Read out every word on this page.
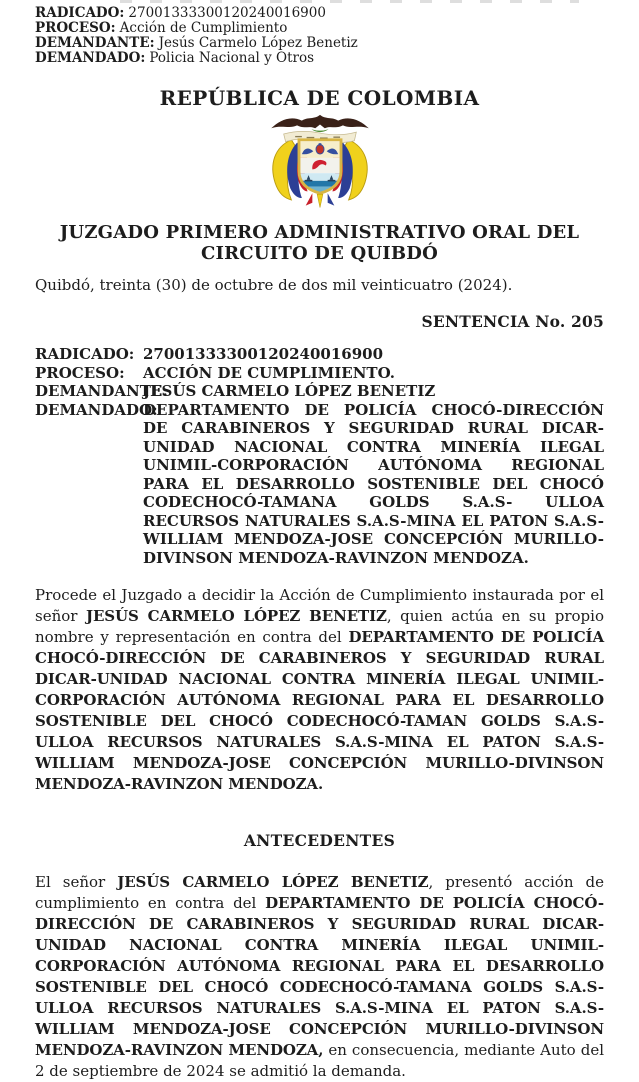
RADICADO: 27001333300120240016900
PROCESO: Acción de Cumplimiento
DEMANDANTE: Jesús Carmelo López Benetiz
DEMANDADO: Policia Nacional y Otros
REPÚBLICA DE COLOMBIA
JUZGADO PRIMERO ADMINISTRATIVO ORAL DEL
CIRCUITO DE QUIBDÓ
Quibdó, treinta (30) de octubre de dos mil veinticuatro (2024).
SENTENCIA No. 205
RADICADO: 27001333300120240016900
PROCESO:	ACCIÓN DE CUMPLIMIENTO.
DEMANDANTE:
JESÚS CARMELO LÓPEZ BENETIZ
DEMANDADO:
DEPARTAMENTO DE POLICÍA CHOCÓ-DIRECCIÓN DE CARABINEROS Y SEGURIDAD RURAL DICAR-UNIDAD NACIONAL CONTRA MINERÍA ILEGAL UNIMIL-CORPORACIÓN AUTÓNOMA REGIONAL PARA EL DESARROLLO SOSTENIBLE DEL CHOCÓ CODECHOCÓ-TAMANA GOLDS S.A.S- ULLOA RECURSOS NATURALES S.A.S-MINA EL PATON S.A.S-WILLIAM MENDOZA-JOSE CONCEPCIÓN MURILLO-DIVINSON MENDOZA-RAVINZON MENDOZA.

Procede el Juzgado a decidir la Acción de Cumplimiento instaurada por el señor JESÚS CARMELO LÓPEZ BENETIZ, quien actúa en su propio nombre y representación en contra del DEPARTAMENTO DE POLICÍA CHOCÓ-DIRECCIÓN DE CARABINEROS Y SEGURIDAD RURAL DICAR-UNIDAD NACIONAL CONTRA MINERÍA ILEGAL UNIMIL-CORPORACIÓN AUTÓNOMA REGIONAL PARA EL DESARROLLO SOSTENIBLE DEL CHOCÓ CODECHOCÓ-TAMAN GOLDS S.A.S- ULLOA RECURSOS NATURALES S.A.S-MINA EL PATON S.A.S-WILLIAM MENDOZA-JOSE CONCEPCIÓN MURILLO-DIVINSON MENDOZA-RAVINZON MENDOZA.

ANTECEDENTES

El señor JESÚS CARMELO LÓPEZ BENETIZ, presentó acción de cumplimiento en contra del DEPARTAMENTO DE POLICÍA CHOCÓ-DIRECCIÓN DE CARABINEROS Y SEGURIDAD RURAL DICAR-UNIDAD NACIONAL CONTRA MINERÍA ILEGAL UNIMIL-CORPORACIÓN AUTÓNOMA REGIONAL PARA EL DESARROLLO SOSTENIBLE DEL CHOCÓ CODECHOCÓ-TAMANA GOLDS S.A.S- ULLOA RECURSOS NATURALES S.A.S-MINA EL PATON S.A.S-WILLIAM MENDOZA-JOSE CONCEPCIÓN MURILLO-DIVINSON MENDOZA-RAVINZON MENDOZA, en consecuencia, mediante Auto del 2 de septiembre de 2024 se admitió la demanda.
